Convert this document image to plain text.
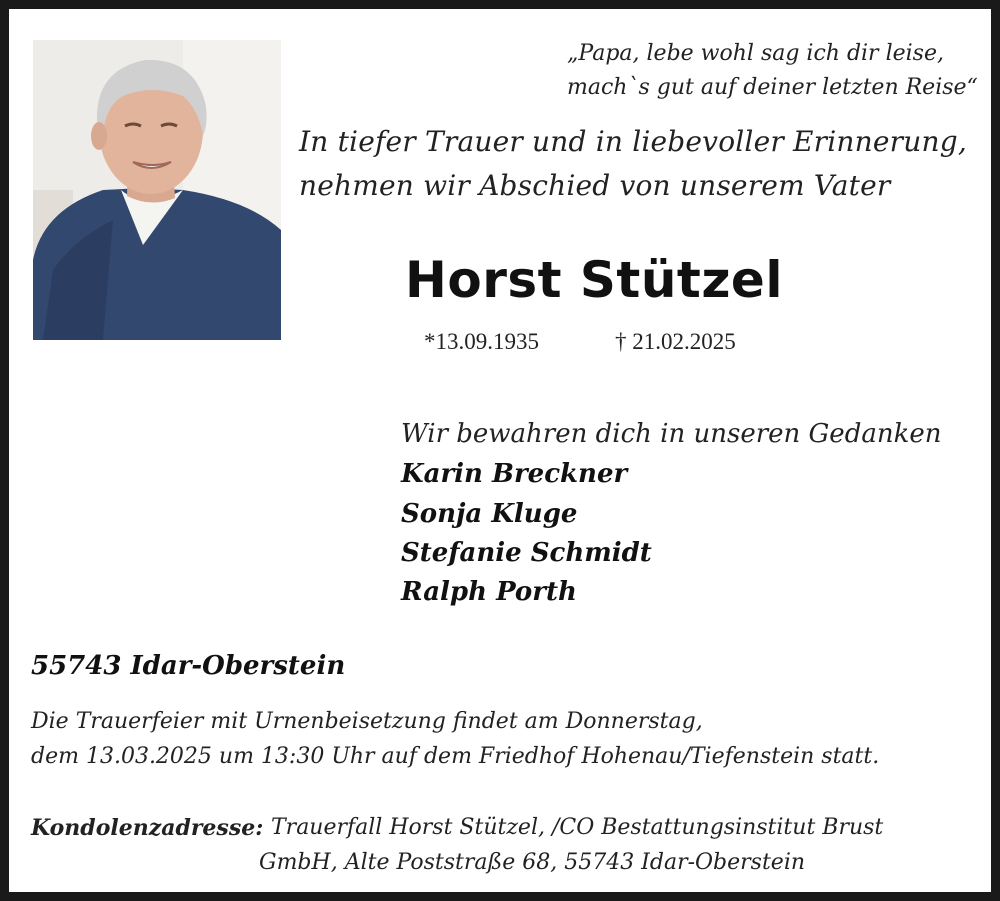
„Papa, lebe wohl sag ich dir leise,
mach`s gut auf deiner letzten Reise“
In tiefer Trauer und in liebevoller Erinnerung,
nehmen wir Abschied von unserem Vater
Horst Stützel
*13.09.1935	† 21.02.2025
Wir bewahren dich in unseren Gedanken
Karin Breckner
Sonja Kluge
Stefanie Schmidt
Ralph Porth
55743 Idar-Oberstein
Die Trauerfeier mit Urnenbeisetzung findet am Donnerstag,
dem 13.03.2025 um 13:30 Uhr auf dem Friedhof Hohenau/Tiefenstein statt.
Kondolenzadresse: Trauerfall Horst Stützel, /CO Bestattungsinstitut Brust
GmbH, Alte Poststraße 68, 55743 Idar-Oberstein
